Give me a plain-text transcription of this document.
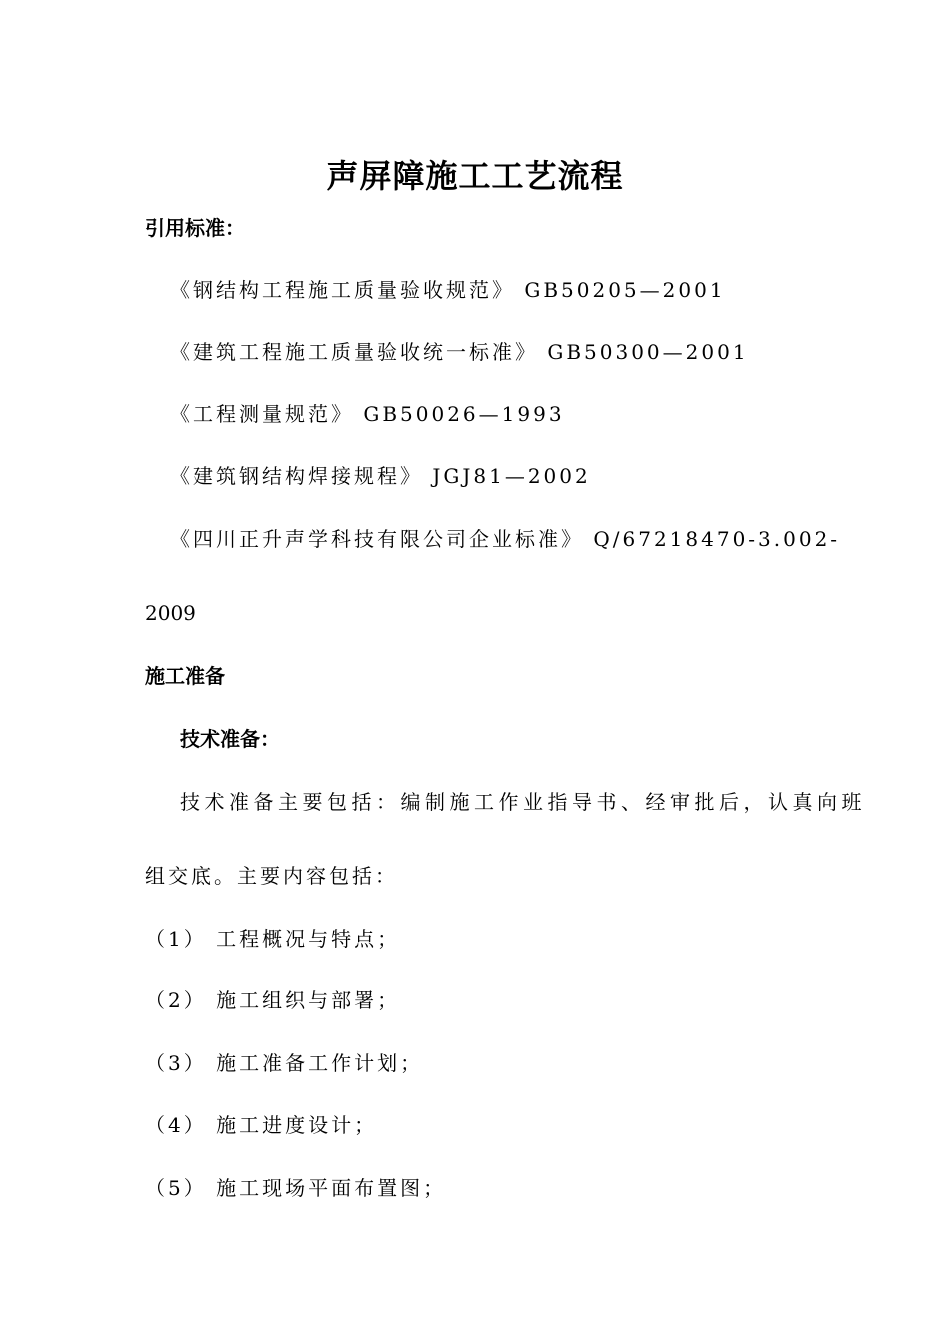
声屏障施工工艺流程
引用标准：
《钢结构工程施工质量验收规范》 GB50205—2001
《建筑工程施工质量验收统一标准》 GB50300—2001
《工程测量规范》 GB50026—1993
《建筑钢结构焊接规程》 JGJ81—2002
《四川正升声学科技有限公司企业标准》 Q/67218470-3.002-
2009
施工准备
技术准备：
技术准备主要包括：编制施工作业指导书、经审批后，认真向班
组交底。主要内容包括：
（1） 工程概况与特点；
（2） 施工组织与部署；
（3） 施工准备工作计划；
（4） 施工进度设计；
（5） 施工现场平面布置图；
